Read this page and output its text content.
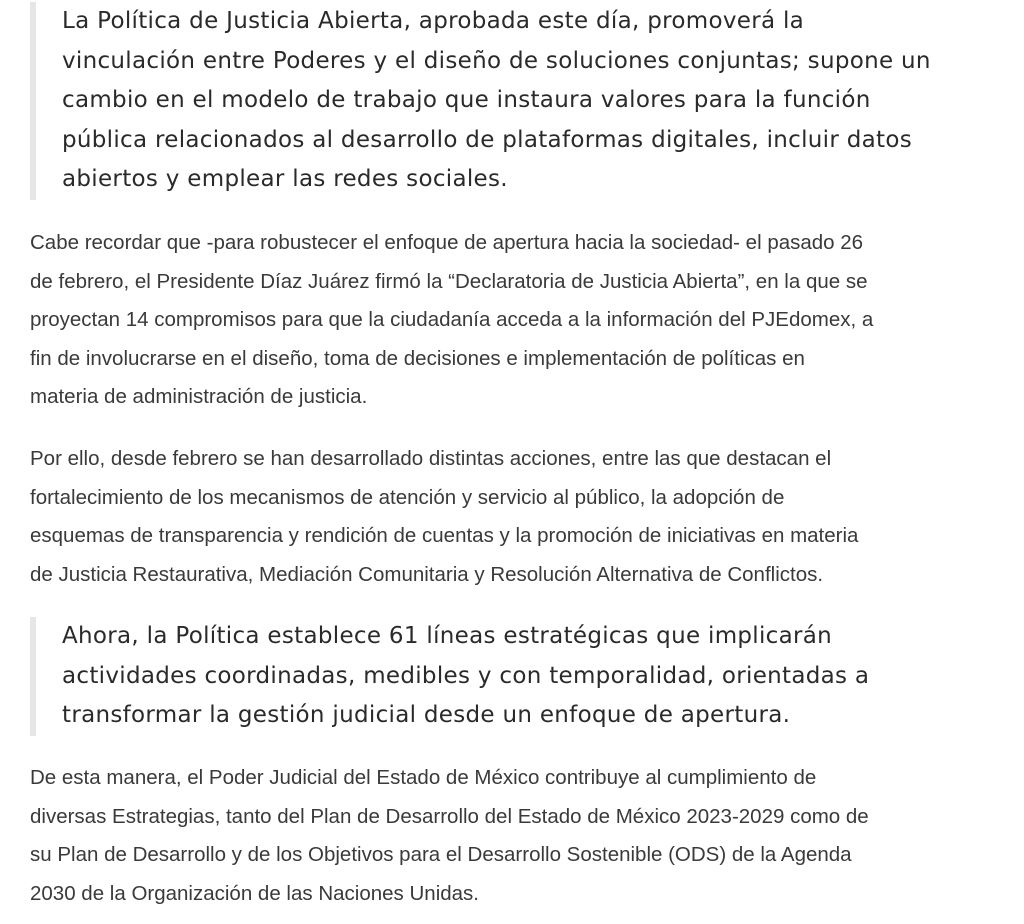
La Política de Justicia Abierta, aprobada este día, promoverá la
vinculación entre Poderes y el diseño de soluciones conjuntas; supone un
cambio en el modelo de trabajo que instaura valores para la función
pública relacionados al desarrollo de plataformas digitales, incluir datos
abiertos y emplear las redes sociales.

Cabe recordar que -para robustecer el enfoque de apertura hacia la sociedad- el pasado 26
de febrero, el Presidente Díaz Juárez firmó la “Declaratoria de Justicia Abierta”, en la que se
proyectan 14 compromisos para que la ciudadanía acceda a la información del PJEdomex, a
fin de involucrarse en el diseño, toma de decisiones e implementación de políticas en
materia de administración de justicia.

Por ello, desde febrero se han desarrollado distintas acciones, entre las que destacan el
fortalecimiento de los mecanismos de atención y servicio al público, la adopción de
esquemas de transparencia y rendición de cuentas y la promoción de iniciativas en materia
de Justicia Restaurativa, Mediación Comunitaria y Resolución Alternativa de Conflictos.

Ahora, la Política establece 61 líneas estratégicas que implicarán
actividades coordinadas, medibles y con temporalidad, orientadas a
transformar la gestión judicial desde un enfoque de apertura.

De esta manera, el Poder Judicial del Estado de México contribuye al cumplimiento de
diversas Estrategias, tanto del Plan de Desarrollo del Estado de México 2023-2029 como de
su Plan de Desarrollo y de los Objetivos para el Desarrollo Sostenible (ODS) de la Agenda
2030 de la Organización de las Naciones Unidas.
